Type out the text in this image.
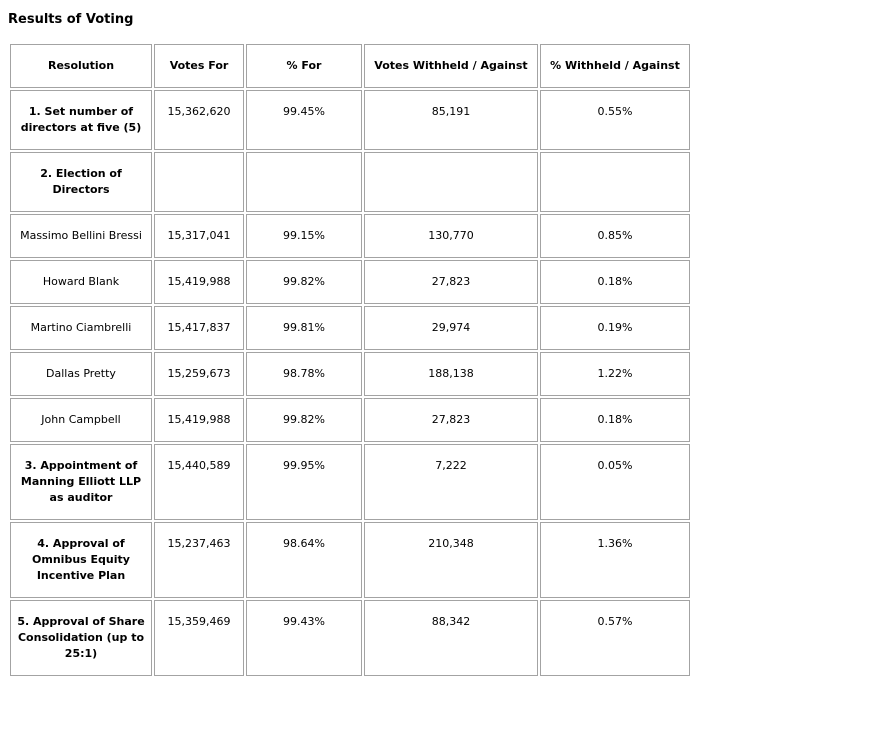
Results of Voting
Resolution	Votes For	% For	Votes Withheld / Against	% Withheld / Against
1. Set number of directors at five (5)	15,362,620	99.45%	85,191	0.55%
2. Election of Directors				
Massimo Bellini Bressi	15,317,041	99.15%	130,770	0.85%
Howard Blank	15,419,988	99.82%	27,823	0.18%
Martino Ciambrelli	15,417,837	99.81%	29,974	0.19%
Dallas Pretty	15,259,673	98.78%	188,138	1.22%
John Campbell	15,419,988	99.82%	27,823	0.18%
3. Appointment of Manning Elliott LLP as auditor	15,440,589	99.95%	7,222	0.05%
4. Approval of Omnibus Equity Incentive Plan	15,237,463	98.64%	210,348	1.36%
5. Approval of Share Consolidation (up to 25:1)	15,359,469	99.43%	88,342	0.57%
